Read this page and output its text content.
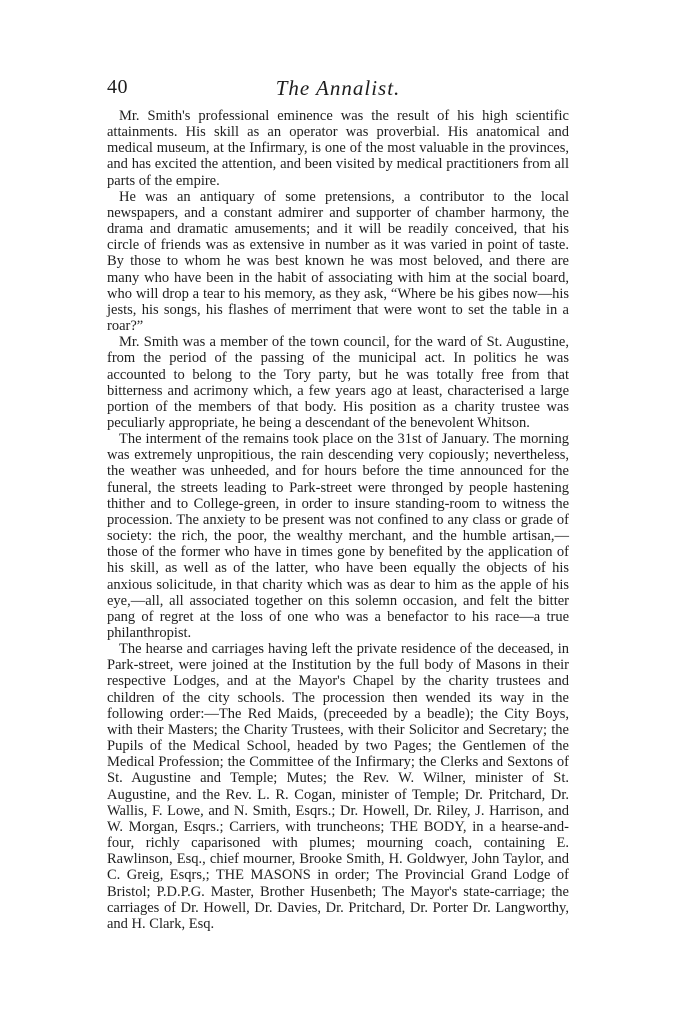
40	The Annalist.

Mr. Smith's professional eminence was the result of his high scientific attainments. His skill as an operator was proverbial. His anatomical and medical museum, at the Infirmary, is one of the most valuable in the provinces, and has excited the attention, and been visited by medical practitioners from all parts of the empire.

He was an antiquary of some pretensions, a contributor to the local newspapers, and a constant admirer and supporter of chamber harmony, the drama and dramatic amusements; and it will be readily conceived, that his circle of friends was as extensive in number as it was varied in point of taste. By those to whom he was best known he was most beloved, and there are many who have been in the habit of associating with him at the social board, who will drop a tear to his memory, as they ask, “Where be his gibes now—his jests, his songs, his flashes of merriment that were wont to set the table in a roar?”

Mr. Smith was a member of the town council, for the ward of St. Augustine, from the period of the passing of the municipal act. In politics he was accounted to belong to the Tory party, but he was totally free from that bitterness and acrimony which, a few years ago at least, characterised a large portion of the members of that body. His position as a charity trustee was peculiarly appropriate, he being a descendant of the benevolent Whitson.

The interment of the remains took place on the 31st of January. The morning was extremely unpropitious, the rain descending very copiously; nevertheless, the weather was unheeded, and for hours before the time announced for the funeral, the streets leading to Park-street were thronged by people hastening thither and to College-green, in order to insure standing-room to witness the procession. The anxiety to be present was not confined to any class or grade of society: the rich, the poor, the wealthy merchant, and the humble artisan,—those of the former who have in times gone by benefited by the application of his skill, as well as of the latter, who have been equally the objects of his anxious solicitude, in that charity which was as dear to him as the apple of his eye,—all, all associated together on this solemn occasion, and felt the bitter pang of regret at the loss of one who was a benefactor to his race—a true philanthropist.

The hearse and carriages having left the private residence of the deceased, in Park-street, were joined at the Institution by the full body of Masons in their respective Lodges, and at the Mayor's Chapel by the charity trustees and children of the city schools. The procession then wended its way in the following order:—The Red Maids, (preceeded by a beadle); the City Boys, with their Masters; the Charity Trustees, with their Solicitor and Secretary; the Pupils of the Medical School, headed by two Pages; the Gentlemen of the Medical Profession; the Committee of the Infirmary; the Clerks and Sextons of St. Augustine and Temple; Mutes; the Rev. W. Wilner, minister of St. Augustine, and the Rev. L. R. Cogan, minister of Temple; Dr. Pritchard, Dr. Wallis, F. Lowe, and N. Smith, Esqrs.; Dr. Howell, Dr. Riley, J. Harrison, and W. Morgan, Esqrs.; Carriers, with truncheons; THE BODY, in a hearse-and-four, richly caparisoned with plumes; mourning coach, containing E. Rawlinson, Esq., chief mourner, Brooke Smith, H. Goldwyer, John Taylor, and C. Greig, Esqrs,; THE MASONS in order; The Provincial Grand Lodge of Bristol; P.D.P.G. Master, Brother Husenbeth; The Mayor's state-carriage; the carriages of Dr. Howell, Dr. Davies, Dr. Pritchard, Dr. Porter Dr. Langworthy, and H. Clark, Esq.
